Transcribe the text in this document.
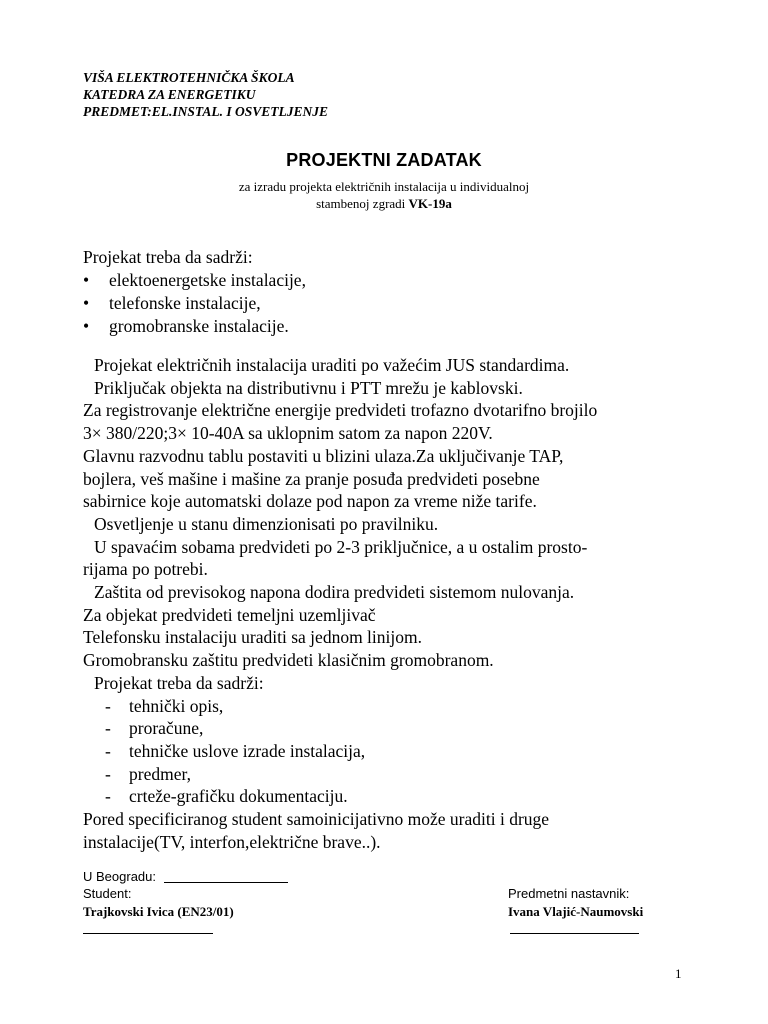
VIŠA ELEKTROTEHNIČKA ŠKOLA
KATEDRA ZA ENERGETIKU
PREDMET:EL.INSTAL. I OSVETLJENJE
PROJEKTNI ZADATAK
za izradu projekta električnih instalacija u individualnoj
stambenoj zgradi VK-19a
Projekat treba da sadrži:
• elektoenergetske instalacije,
• telefonske instalacije,
• gromobranske instalacije.
Projekat električnih instalacija uraditi po važećim JUS standardima.
Priključak objekta na distributivnu i PTT mrežu je kablovski.
Za registrovanje električne energije predvideti trofazno dvotarifno brojilo
3× 380/220;3× 10-40A sa uklopnim satom za napon 220V.
Glavnu razvodnu tablu postaviti u blizini ulaza.Za uključivanje TAP,
bojlera, veš mašine i mašine za pranje posuđa predvideti posebne
sabirnice koje automatski dolaze pod napon za vreme niže tarife.
Osvetljenje u stanu dimenzionisati po pravilniku.
U spavaćim sobama predvideti po 2-3 priključnice, a u ostalim prosto-
rijama po potrebi.
Zaštita od previsokog napona dodira predvideti sistemom nulovanja.
Za objekat predvideti temeljni uzemljivač
Telefonsku instalaciju uraditi sa jednom linijom.
Gromobransku zaštitu predvideti klasičnim gromobranom.
Projekat treba da sadrži:
- tehnički opis,
- proračune,
- tehničke uslove izrade instalacija,
- predmer,
- crteže-grafičku dokumentaciju.
Pored specificiranog student samoinicijativno može uraditi i druge
instalacije(TV, interfon,električne brave..).
U Beogradu:
Student:
Trajkovski Ivica (EN23/01)
Predmetni nastavnik:
Ivana Vlajić-Naumovski
1
